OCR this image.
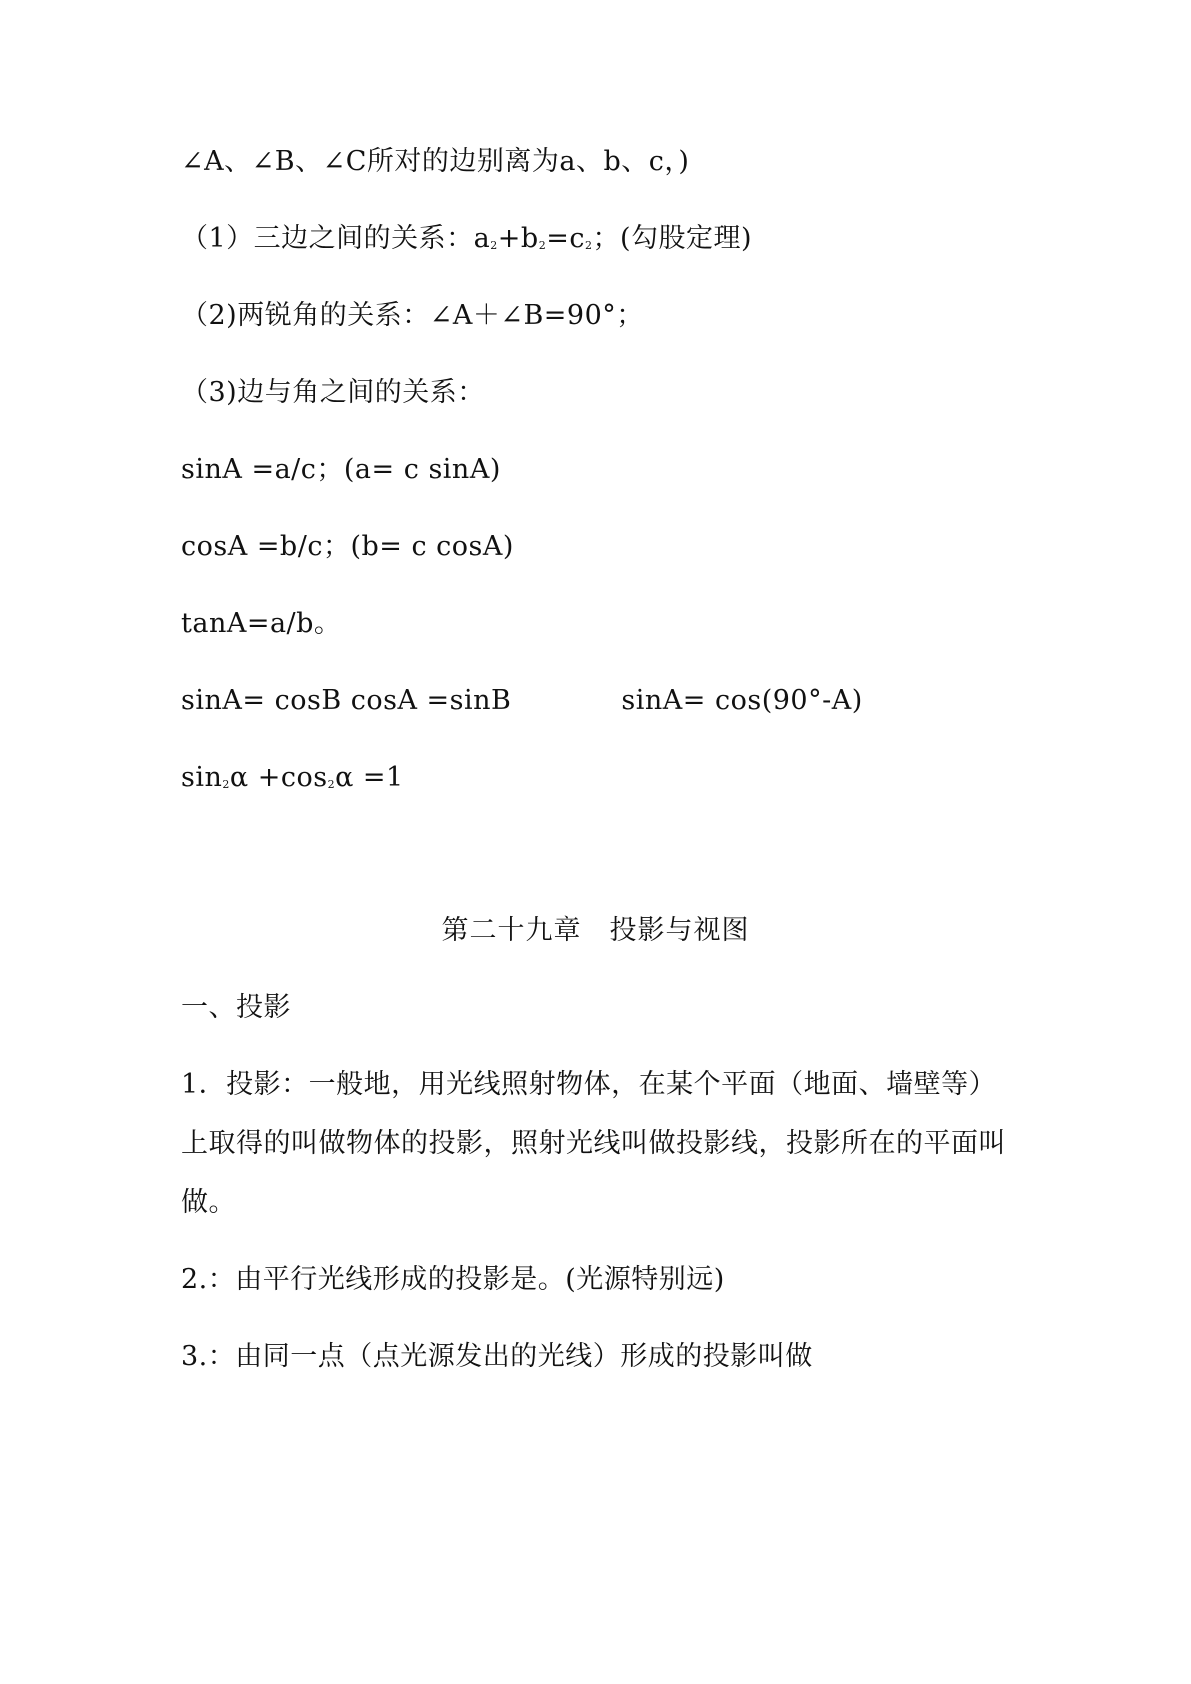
∠A、∠B、∠C所对的边别离为a、b、c，)
（1）三边之间的关系：$a^2+b^2=c^2$；(勾股定理)
（2)两锐角的关系：∠A＋∠B=90°；
（3)边与角之间的关系：
sinA =a/c；(a= c sinA)
cosA =b/c；(b= c cosA)
tanA=a/b。
sinA= cosB cosA =sinB	sinA= cos(90°-A)
$\sin^2\alpha +\cos^2\alpha =1$
第二十九章　投影与视图
一、投影
1．投影：一般地，用光线照射物体，在某个平面（地面、墙壁等）
上取得的叫做物体的投影，照射光线叫做投影线，投影所在的平面叫
做。
2.：由平行光线形成的投影是。(光源特别远)
3.：由同一点（点光源发出的光线）形成的投影叫做
